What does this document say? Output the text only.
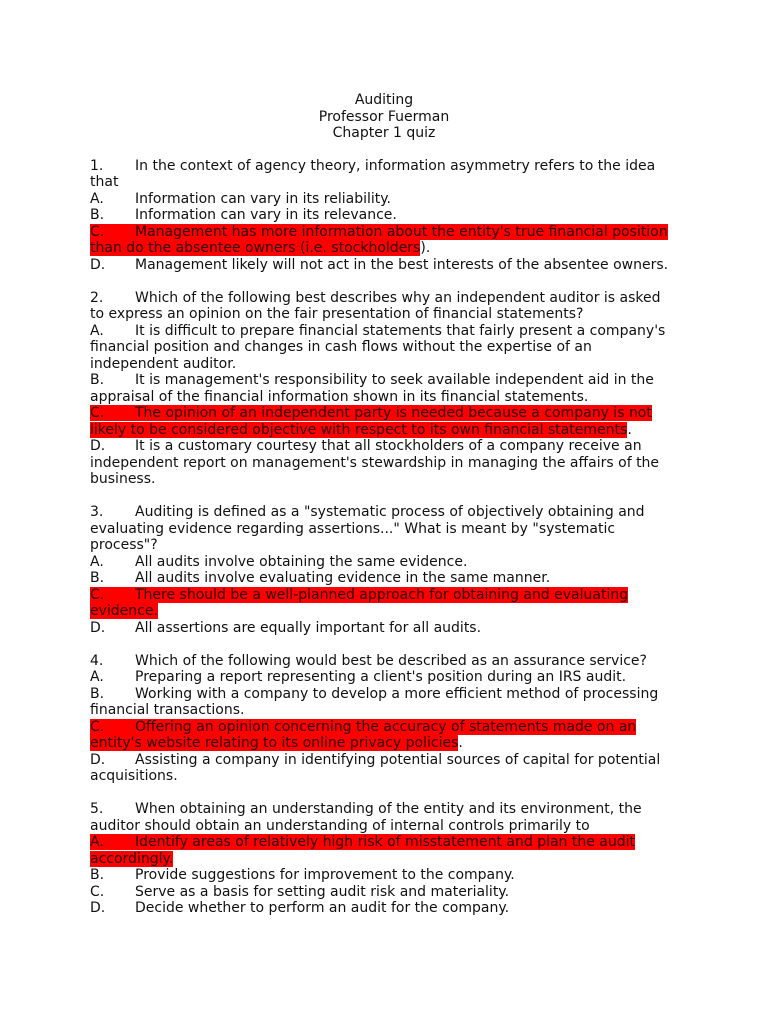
Auditing
Professor Fuerman
Chapter 1 quiz
1. In the context of agency theory, information asymmetry refers to the idea that
A. Information can vary in its reliability.
B. Information can vary in its relevance.
C. Management has more information about the entity's true financial position than do the absentee owners (i.e. stockholders).
D. Management likely will not act in the best interests of the absentee owners.
2. Which of the following best describes why an independent auditor is asked to express an opinion on the fair presentation of financial statements?
A. It is difficult to prepare financial statements that fairly present a company's financial position and changes in cash flows without the expertise of an independent auditor.
B. It is management's responsibility to seek available independent aid in the appraisal of the financial information shown in its financial statements.
C. The opinion of an independent party is needed because a company is not likely to be considered objective with respect to its own financial statements.
D. It is a customary courtesy that all stockholders of a company receive an independent report on management's stewardship in managing the affairs of the business.
3. Auditing is defined as a "systematic process of objectively obtaining and evaluating evidence regarding assertions..." What is meant by "systematic process"?
A. All audits involve obtaining the same evidence.
B. All audits involve evaluating evidence in the same manner.
C. There should be a well-planned approach for obtaining and evaluating evidence.
D. All assertions are equally important for all audits.
4. Which of the following would best be described as an assurance service?
A. Preparing a report representing a client's position during an IRS audit.
B. Working with a company to develop a more efficient method of processing financial transactions.
C. Offering an opinion concerning the accuracy of statements made on an entity's website relating to its online privacy policies.
D. Assisting a company in identifying potential sources of capital for potential acquisitions.
5. When obtaining an understanding of the entity and its environment, the auditor should obtain an understanding of internal controls primarily to
A. Identify areas of relatively high risk of misstatement and plan the audit accordingly.
B. Provide suggestions for improvement to the company.
C. Serve as a basis for setting audit risk and materiality.
D. Decide whether to perform an audit for the company.
